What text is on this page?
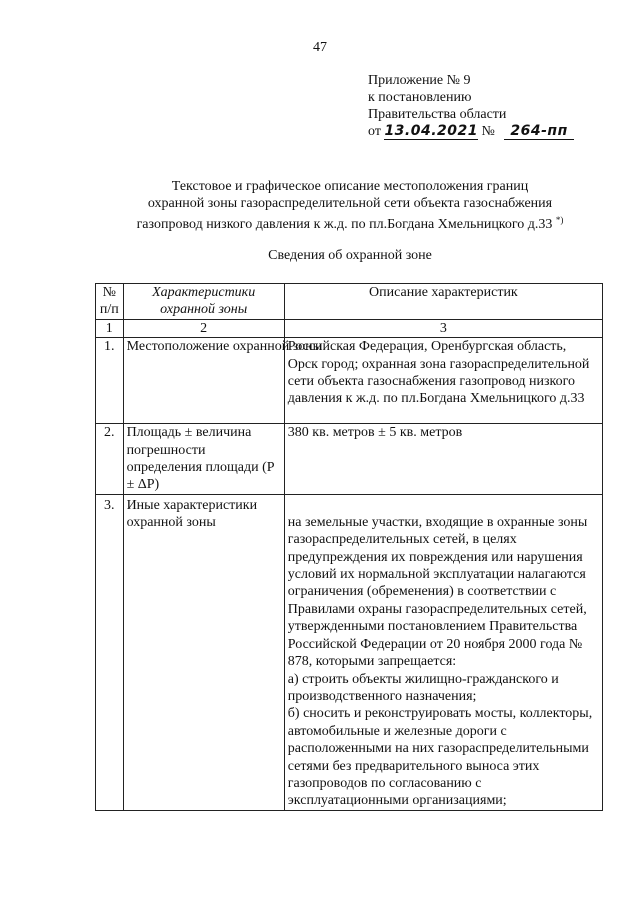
47
Приложение № 9
к постановлению
Правительства области
от 13.04.2021 № 264-пп
Текстовое и графическое описание местоположения границ
охранной зоны газораспределительной сети объекта газоснабжения
газопровод низкого давления к ж.д. по пл.Богдана Хмельницкого д.33 *)
Сведения об охранной зоне
№ п/п	Характеристики охранной зоны	Описание характеристик
1	2	3
1.	Местоположение охранной зоны	Российская Федерация, Оренбургская область, Орск город; охранная зона газораспределительной сети объекта газоснабжения газопровод низкого давления к ж.д. по пл.Богдана Хмельницкого д.33
2.	Площадь ± величина погрешности определения площади (P ± ΔP)	380 кв. метров ± 5 кв. метров
3.	Иные характеристики охранной зоны	на земельные участки, входящие в охранные зоны газораспределительных сетей, в целях предупреждения их повреждения или нарушения условий их нормальной эксплуатации налагаются ограничения (обременения) в соответствии с Правилами охраны газораспределительных сетей, утвержденными постановлением Правительства Российской Федерации от 20 ноября 2000 года № 878, которыми запрещается:
а) строить объекты жилищно-гражданского и производственного назначения;
б) сносить и реконструировать мосты, коллекторы, автомобильные и железные дороги с расположенными на них газораспределительными сетями без предварительного выноса этих газопроводов по согласованию с эксплуатационными организациями;
